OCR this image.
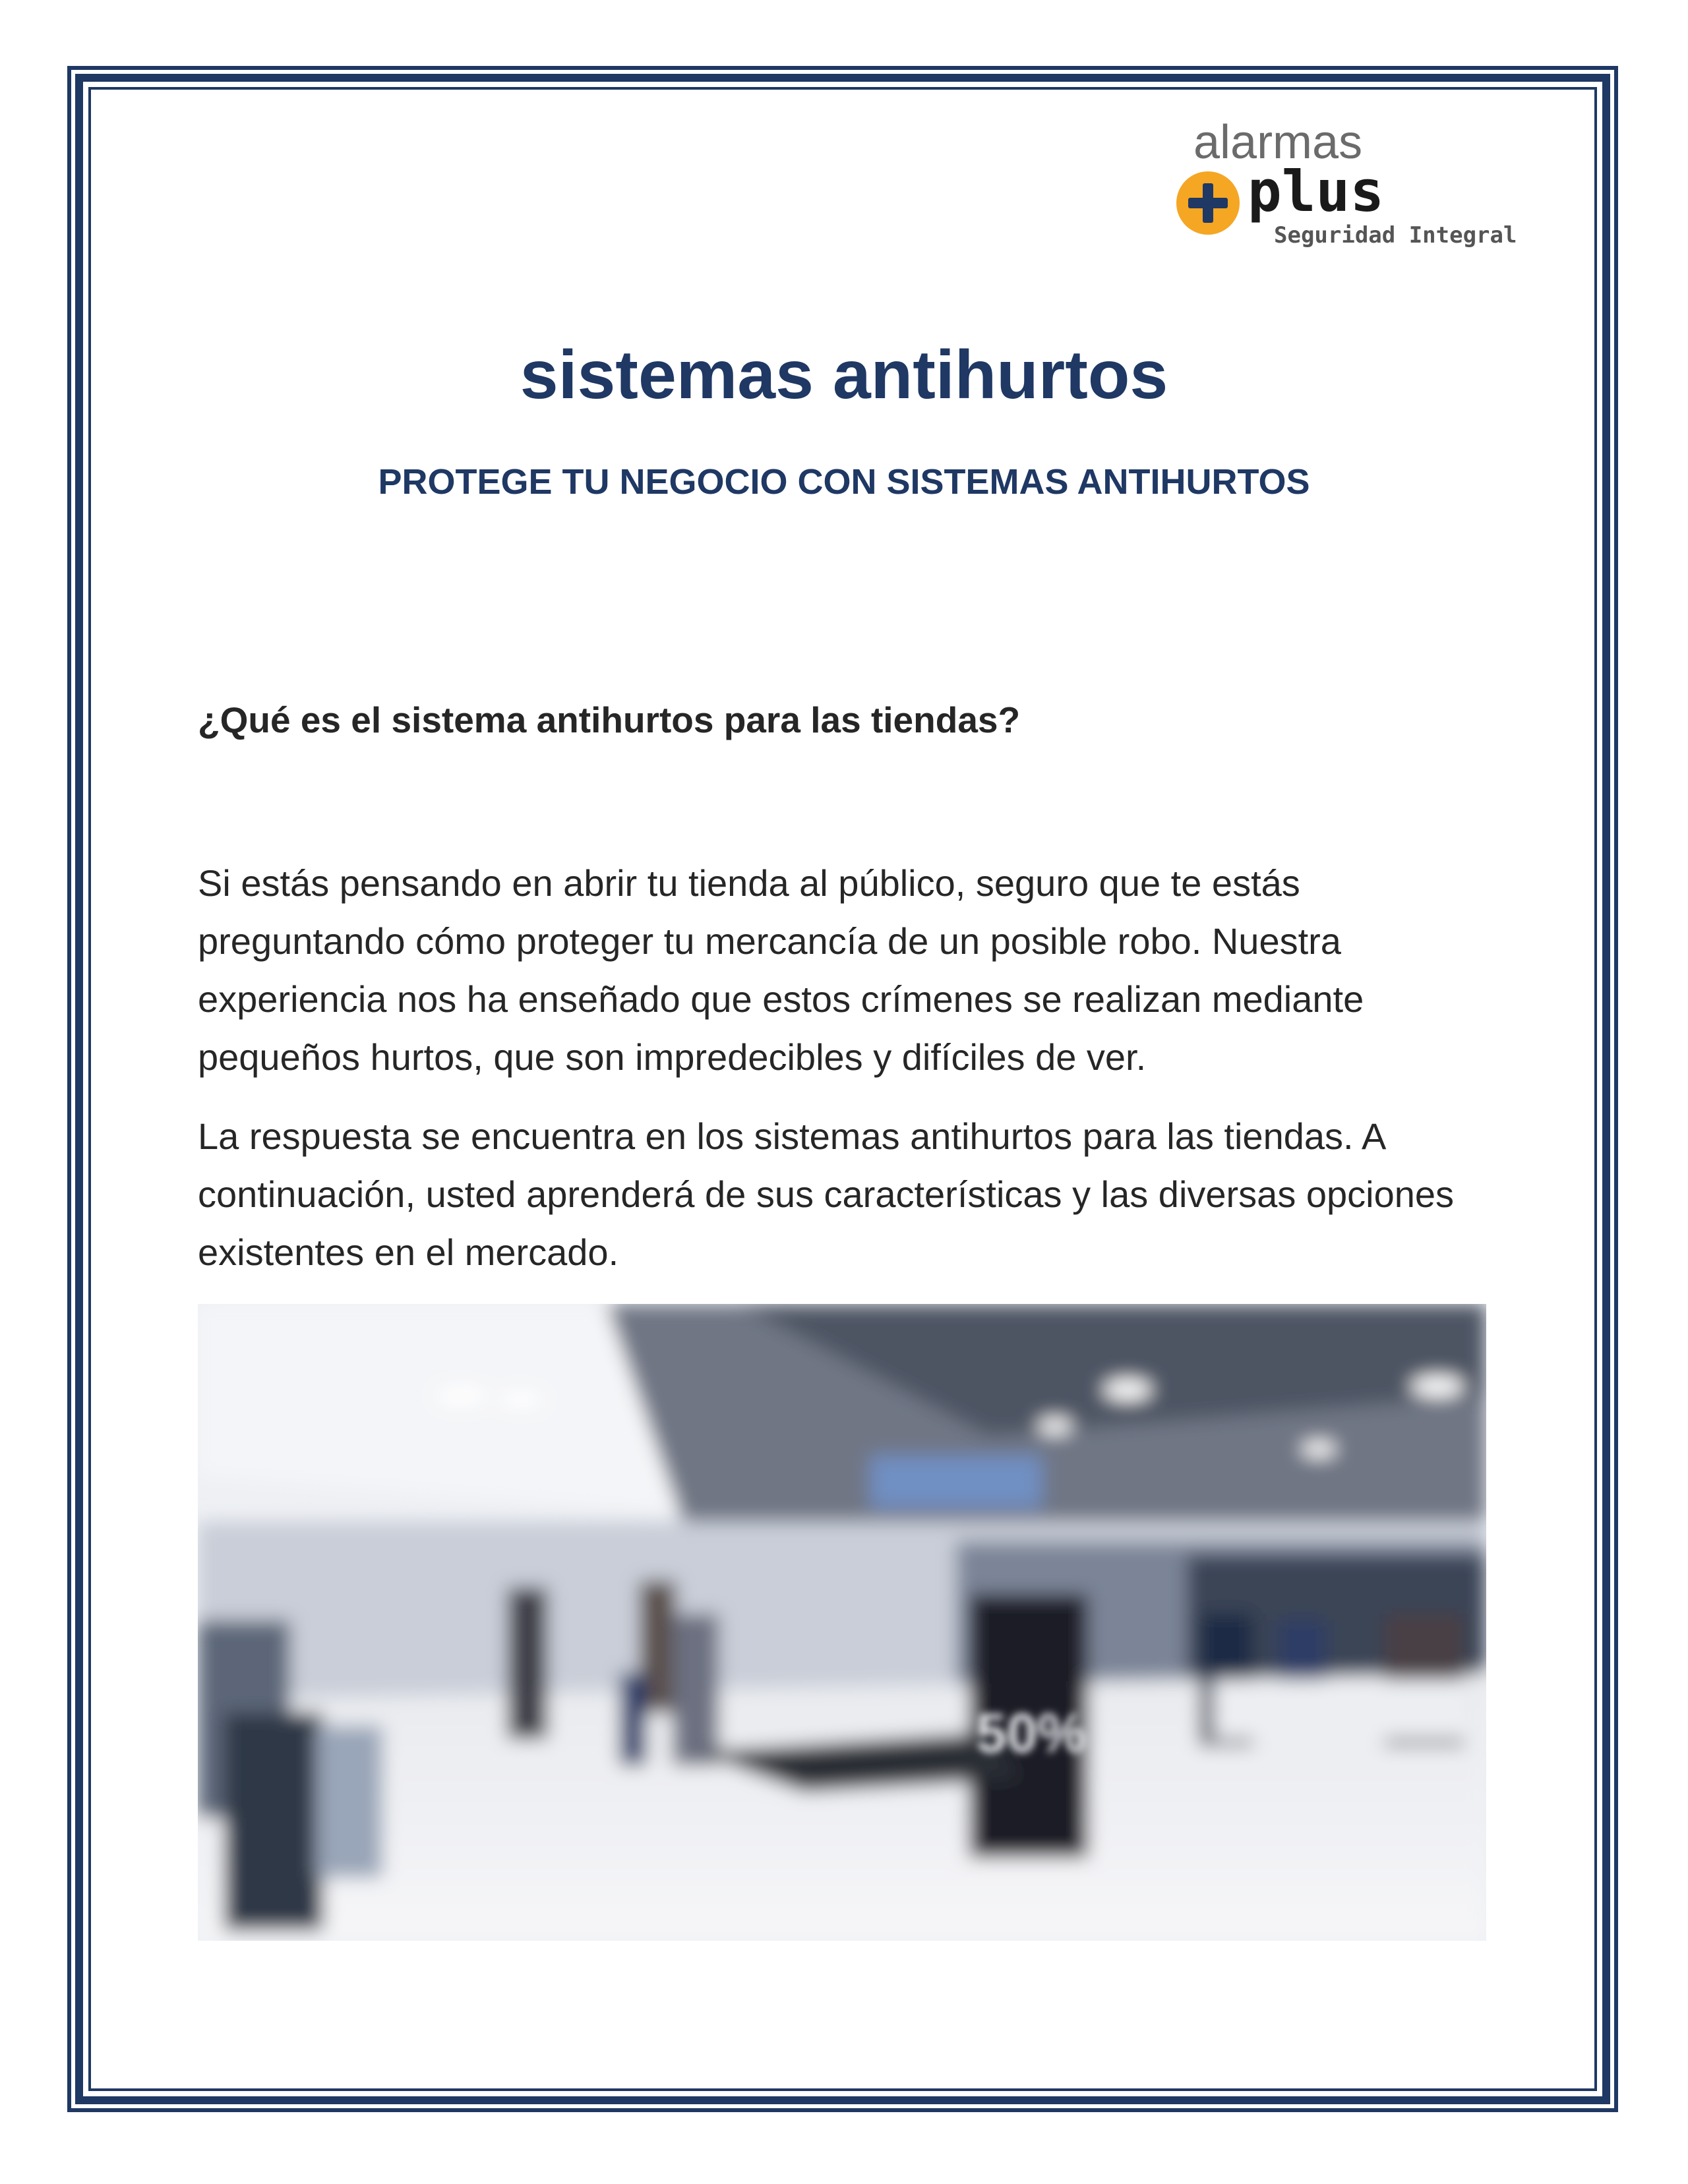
alarmas
plus
Seguridad Integral
sistemas antihurtos
PROTEGE TU NEGOCIO CON SISTEMAS ANTIHURTOS
¿Qué es el sistema antihurtos para las tiendas?

Si estás pensando en abrir tu tienda al público, seguro que te estás preguntando cómo proteger tu mercancía de un posible robo. Nuestra experiencia nos ha enseñado que estos crímenes se realizan mediante pequeños hurtos, que son impredecibles y difíciles de ver.

La respuesta se encuentra en los sistemas antihurtos para las tiendas. A continuación, usted aprenderá de sus características y las diversas opciones existentes en el mercado.

50%
